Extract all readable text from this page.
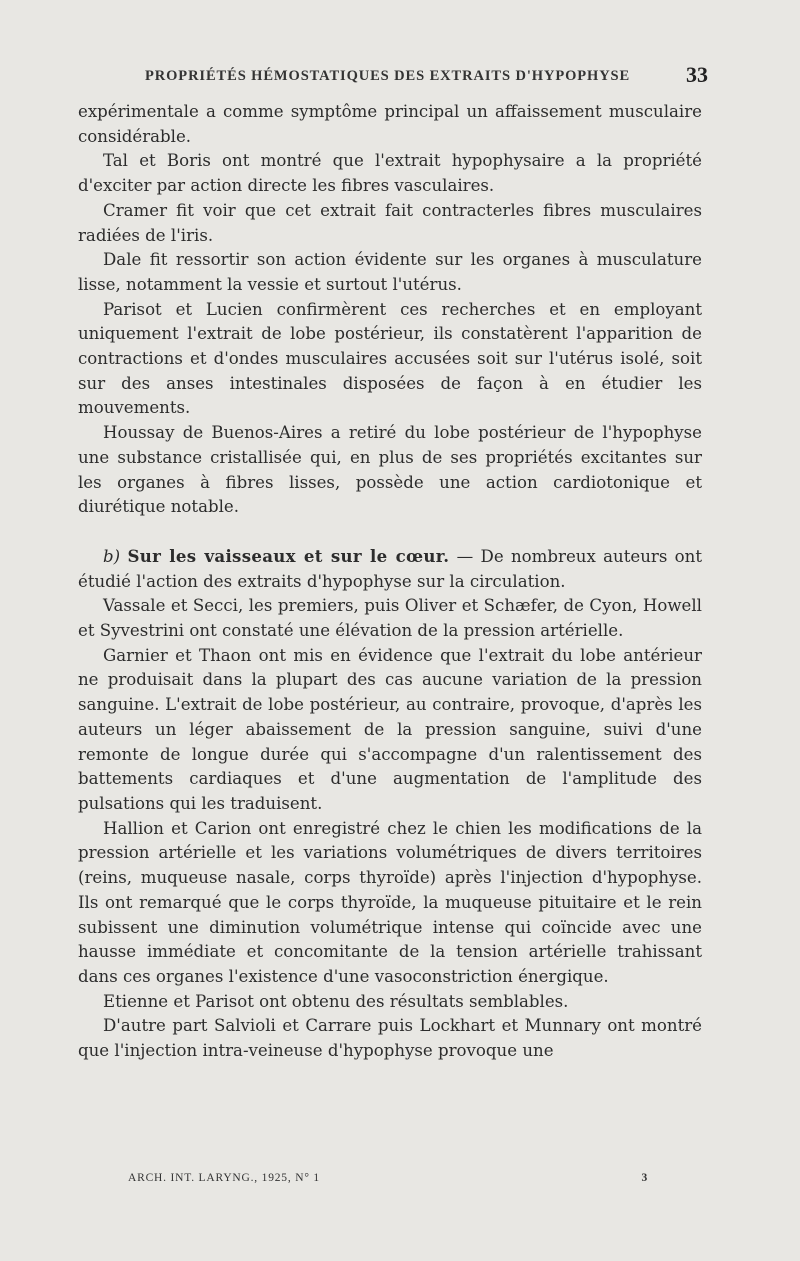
PROPRIÉTÉS HÉMOSTATIQUES DES EXTRAITS D'HYPOPHYSE	33

expérimentale a comme symptôme principal un affaissement musculaire considérable.

Tal et Boris ont montré que l'extrait hypophysaire a la propriété d'exciter par action directe les fibres vasculaires.

Cramer fit voir que cet extrait fait contracterles fibres musculaires radiées de l'iris.

Dale fit ressortir son action évidente sur les organes à musculature lisse, notamment la vessie et surtout l'utérus.

Parisot et Lucien confirmèrent ces recherches et en employant uniquement l'extrait de lobe postérieur, ils constatèrent l'apparition de contractions et d'ondes musculaires accusées soit sur l'utérus isolé, soit sur des anses intestinales disposées de façon à en étudier les mouvements.

Houssay de Buenos-Aires a retiré du lobe postérieur de l'hypophyse une substance cristallisée qui, en plus de ses propriétés excitantes sur les organes à fibres lisses, possède une action cardiotonique et diurétique notable.

b) Sur les vaisseaux et sur le cœur. — De nombreux auteurs ont étudié l'action des extraits d'hypophyse sur la circulation.

Vassale et Secci, les premiers, puis Oliver et Schæfer, de Cyon, Howell et Syvestrini ont constaté une élévation de la pression artérielle.

Garnier et Thaon ont mis en évidence que l'extrait du lobe antérieur ne produisait dans la plupart des cas aucune variation de la pression sanguine. L'extrait de lobe postérieur, au contraire, provoque, d'après les auteurs un léger abaissement de la pression sanguine, suivi d'une remonte de longue durée qui s'accompagne d'un ralentissement des battements cardiaques et d'une augmentation de l'amplitude des pulsations qui les traduisent.

Hallion et Carion ont enregistré chez le chien les modifications de la pression artérielle et les variations volumétriques de divers territoires (reins, muqueuse nasale, corps thyroïde) après l'injection d'hypophyse. Ils ont remarqué que le corps thyroïde, la muqueuse pituitaire et le rein subissent une diminution volumétrique intense qui coïncide avec une hausse immédiate et concomitante de la tension artérielle trahissant dans ces organes l'existence d'une vasoconstriction énergique.

Etienne et Parisot ont obtenu des résultats semblables.

D'autre part Salvioli et Carrare puis Lockhart et Munnary ont montré que l'injection intra-veineuse d'hypophyse provoque une

ARCH. INT. LARYNG., 1925, N° 1	3
